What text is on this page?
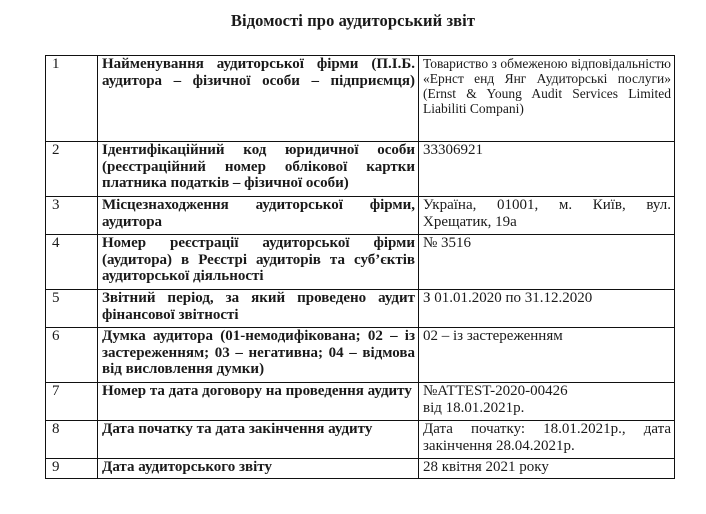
Відомості про аудиторський звіт
1	Найменування аудиторської фірми (П.І.Б. аудитора – фізичної особи – підприємця)	Товариство з обмеженою відповідальністю «Ернст енд Янг Аудиторські послуги» (Ernst & Young Audit Services Limited Liabiliti Compani)
2	Ідентифікаційний код юридичної особи (реєстраційний номер облікової картки платника податків – фізичної особи)	33306921
3	Місцезнаходження аудиторської фірми, аудитора	Україна, 01001, м. Київ, вул. Хрещатик, 19а
4	Номер реєстрації аудиторської фірми (аудитора) в Реєстрі аудиторів та суб’єктів аудиторської діяльності	№ 3516
5	Звітний період, за який проведено аудит фінансової звітності	З 01.01.2020 по 31.12.2020
6	Думка аудитора (01-немодифікована; 02 – із застереженням; 03 – негативна; 04 – відмова від висловлення думки)	02 – із застереженням
7	Номер та дата договору на проведення аудиту	№ATTEST-2020-00426
від 18.01.2021р.

8	Дата початку та дата закінчення аудиту	Дата початку: 18.01.2021р., дата закінчення 28.04.2021р.
9	Дата аудиторського звіту	28 квітня 2021 року
